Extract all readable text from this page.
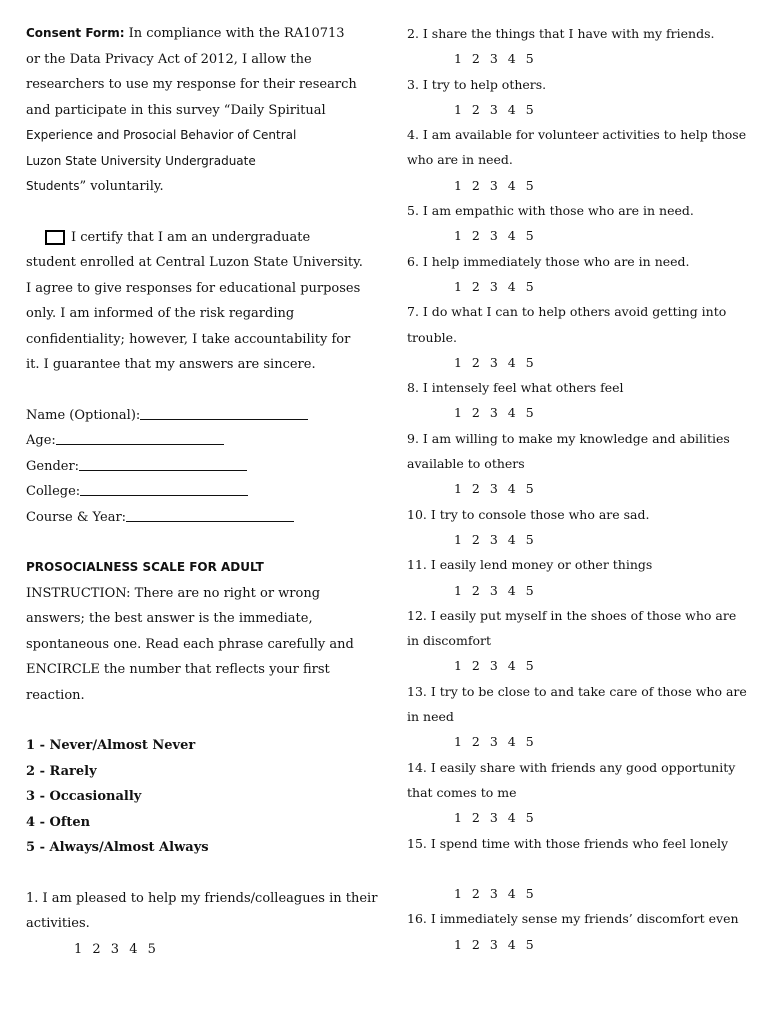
Consent Form: In compliance with the RA10713
or the Data Privacy Act of 2012, I allow the
researchers to use my response for their research
and participate in this survey “Daily Spiritual
Experience and Prosocial Behavior of Central
Luzon State University Undergraduate
Students” voluntarily.
I certify that I am an undergraduate
student enrolled at Central Luzon State University.
I agree to give responses for educational purposes
only. I am informed of the risk regarding
confidentiality; however, I take accountability for
it. I guarantee that my answers are sincere.
Name (Optional):
Age:
Gender:
College:
Course & Year:
PROSOCIALNESS SCALE FOR ADULT
INSTRUCTION: There are no right or wrong
answers; the best answer is the immediate,
spontaneous one. Read each phrase carefully and
ENCIRCLE the number that reflects your first
reaction.
1 - Never/Almost Never
2 - Rarely
3 - Occasionally
4 - Often
5 - Always/Almost Always
1. I am pleased to help my friends/colleagues in their
activities.
1 2 3 4 5
2. I share the things that I have with my friends.
1 2 3 4 5
3. I try to help others.
1 2 3 4 5
4. I am available for volunteer activities to help those
who are in need.
1 2 3 4 5
5. I am empathic with those who are in need.
1 2 3 4 5
6. I help immediately those who are in need.
1 2 3 4 5
7. I do what I can to help others avoid getting into
trouble.
1 2 3 4 5
8. I intensely feel what others feel
1 2 3 4 5
9. I am willing to make my knowledge and abilities
available to others
1 2 3 4 5
10. I try to console those who are sad.
1 2 3 4 5
11. I easily lend money or other things
1 2 3 4 5
12. I easily put myself in the shoes of those who are
in discomfort
1 2 3 4 5
13. I try to be close to and take care of those who are
in need
1 2 3 4 5
14. I easily share with friends any good opportunity
that comes to me
1 2 3 4 5
15. I spend time with those friends who feel lonely

1 2 3 4 5
16. I immediately sense my friends’ discomfort even
1 2 3 4 5
